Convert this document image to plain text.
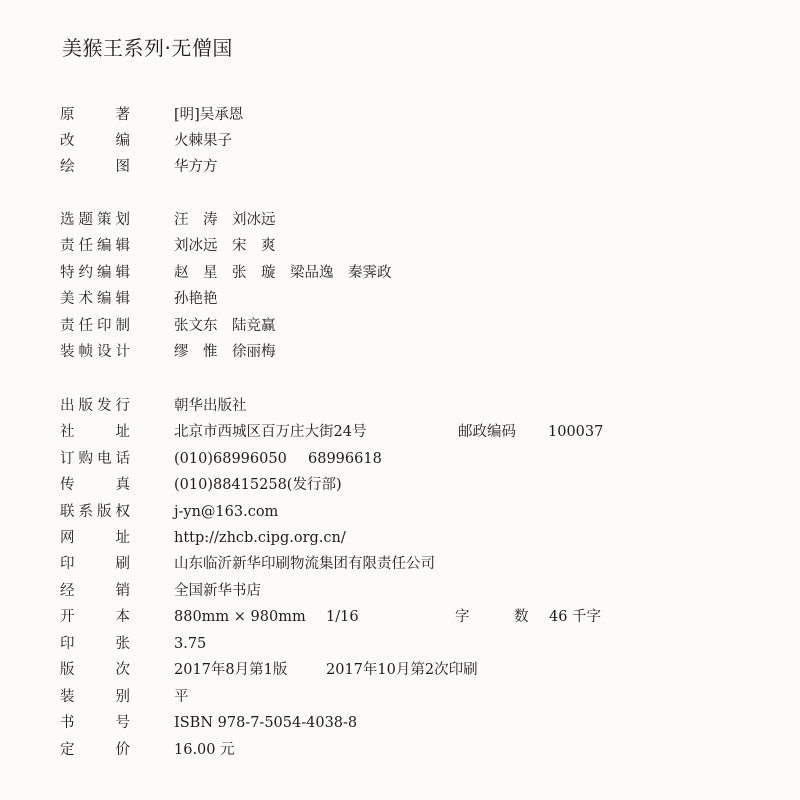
美猴王系列·无僧国
原	著	[明]吴承恩
改	编	火棘果子
绘	图	华方方
选 题 策 划	汪　涛　刘冰远
责 任 编 辑	刘冰远　宋　爽
特 约 编 辑	赵　星　张　璇　梁品逸　秦霁政
美 术 编 辑	孙艳艳
责 任 印 制	张文东　陆竞赢
装 帧 设 计	缪　惟　徐丽梅
出 版 发 行	朝华出版社
社	址	北京市西城区百万庄大街24号	邮政编码 100037
订 购 电 话	(010)68996050 68996618
传	真	(010)88415258(发行部)
联 系 版 权	j-yn@163.com
网	址	http://zhcb.cipg.org.cn/
印	刷	山东临沂新华印刷物流集团有限责任公司
经	销	全国新华书店
开	本	880mm × 980mm 1/16	字	数 46 千字
印	张	3.75
版	次	2017年8月第1版	2017年10月第2次印刷
装	别	平
书	号	ISBN 978-7-5054-4038-8
定	价	16.00 元
